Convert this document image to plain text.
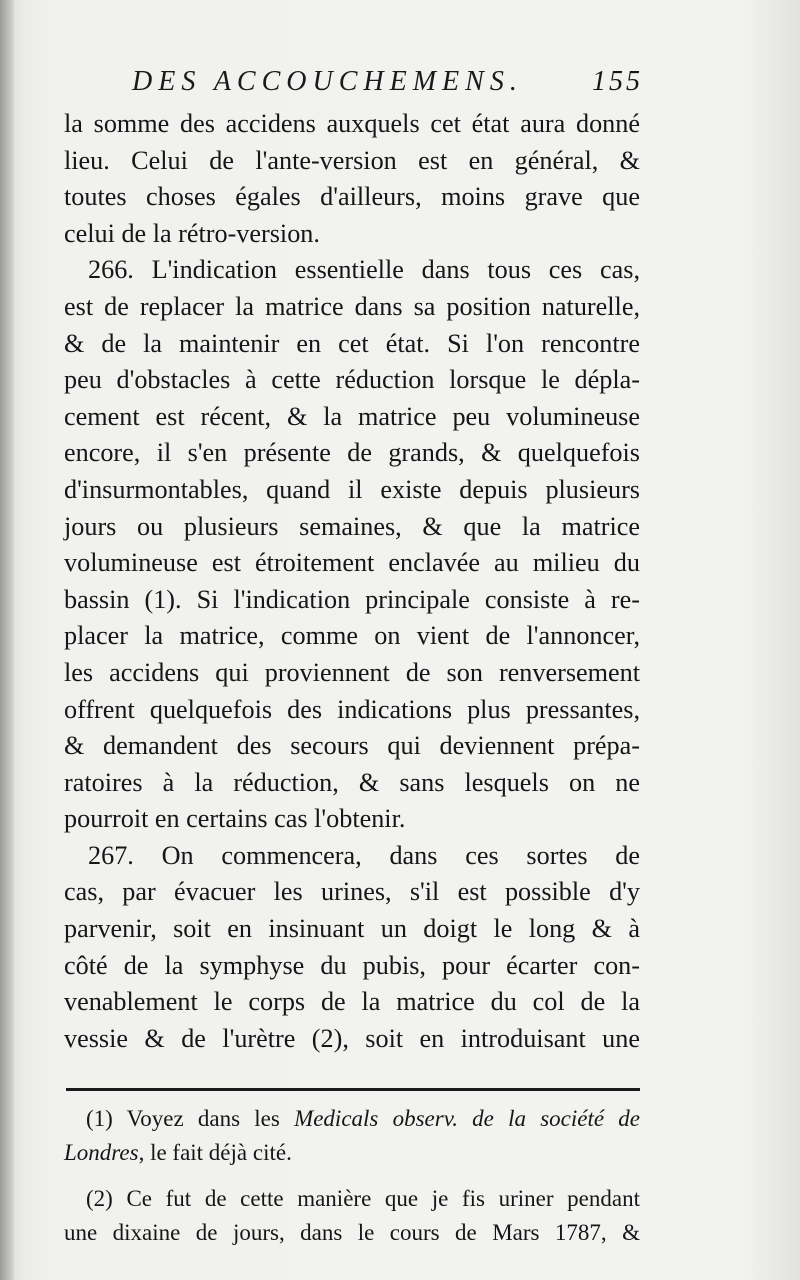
DES ACCOUCHEMENS. 155
la somme des accidens auxquels cet état aura donné
lieu. Celui de l'ante-version est en général, &
toutes choses égales d'ailleurs, moins grave que
celui de la rétro-version.
266. L'indication essentielle dans tous ces cas,
est de replacer la matrice dans sa position naturelle,
& de la maintenir en cet état. Si l'on rencontre
peu d'obstacles à cette réduction lorsque le dépla-
cement est récent, & la matrice peu volumineuse
encore, il s'en présente de grands, & quelquefois
d'insurmontables, quand il existe depuis plusieurs
jours ou plusieurs semaines, & que la matrice
volumineuse est étroitement enclavée au milieu du
bassin (1). Si l'indication principale consiste à re-
placer la matrice, comme on vient de l'annoncer,
les accidens qui proviennent de son renversement
offrent quelquefois des indications plus pressantes,
& demandent des secours qui deviennent prépa-
ratoires à la réduction, & sans lesquels on ne
pourroit en certains cas l'obtenir.
267. On commencera, dans ces sortes de
cas, par évacuer les urines, s'il est possible d'y
parvenir, soit en insinuant un doigt le long & à
côté de la symphyse du pubis, pour écarter con-
venablement le corps de la matrice du col de la
vessie & de l'urètre (2), soit en introduisant une
(1) Voyez dans les Medicals observ. de la société de
Londres, le fait déjà cité.
(2) Ce fut de cette manière que je fis uriner pendant
une dixaine de jours, dans le cours de Mars 1787, &
